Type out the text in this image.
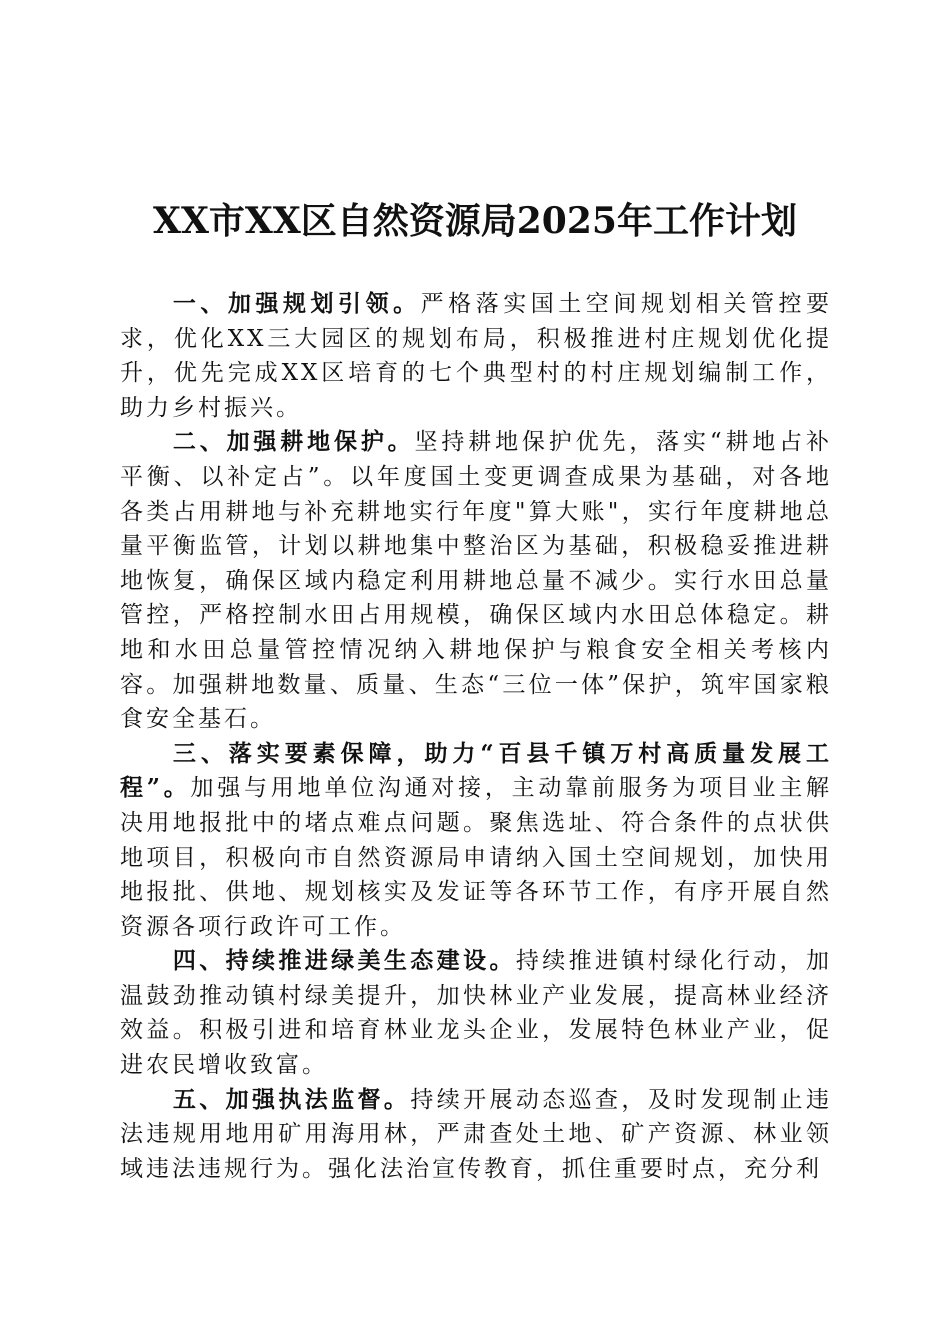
XX市XX区自然资源局2025年工作计划

一、加强规划引领。严格落实国土空间规划相关管控要求，优化XX三大园区的规划布局，积极推进村庄规划优化提升，优先完成XX区培育的七个典型村的村庄规划编制工作，助力乡村振兴。

二、加强耕地保护。坚持耕地保护优先，落实“耕地占补平衡、以补定占”。以年度国土变更调查成果为基础，对各地各类占用耕地与补充耕地实行年度"算大账"，实行年度耕地总量平衡监管，计划以耕地集中整治区为基础，积极稳妥推进耕地恢复，确保区域内稳定利用耕地总量不减少。实行水田总量管控，严格控制水田占用规模，确保区域内水田总体稳定。耕地和水田总量管控情况纳入耕地保护与粮食安全相关考核内容。加强耕地数量、质量、生态“三位一体”保护，筑牢国家粮食安全基石。

三、落实要素保障，助力“百县千镇万村高质量发展工程”。加强与用地单位沟通对接，主动靠前服务为项目业主解决用地报批中的堵点难点问题。聚焦选址、符合条件的点状供地项目，积极向市自然资源局申请纳入国土空间规划，加快用地报批、供地、规划核实及发证等各环节工作，有序开展自然资源各项行政许可工作。

四、持续推进绿美生态建设。持续推进镇村绿化行动，加温鼓劲推动镇村绿美提升，加快林业产业发展，提高林业经济效益。积极引进和培育林业龙头企业，发展特色林业产业，促进农民增收致富。

五、加强执法监督。持续开展动态巡查，及时发现制止违法违规用地用矿用海用林，严肃查处土地、矿产资源、林业领域违法违规行为。强化法治宣传教育，抓住重要时点，充分利
